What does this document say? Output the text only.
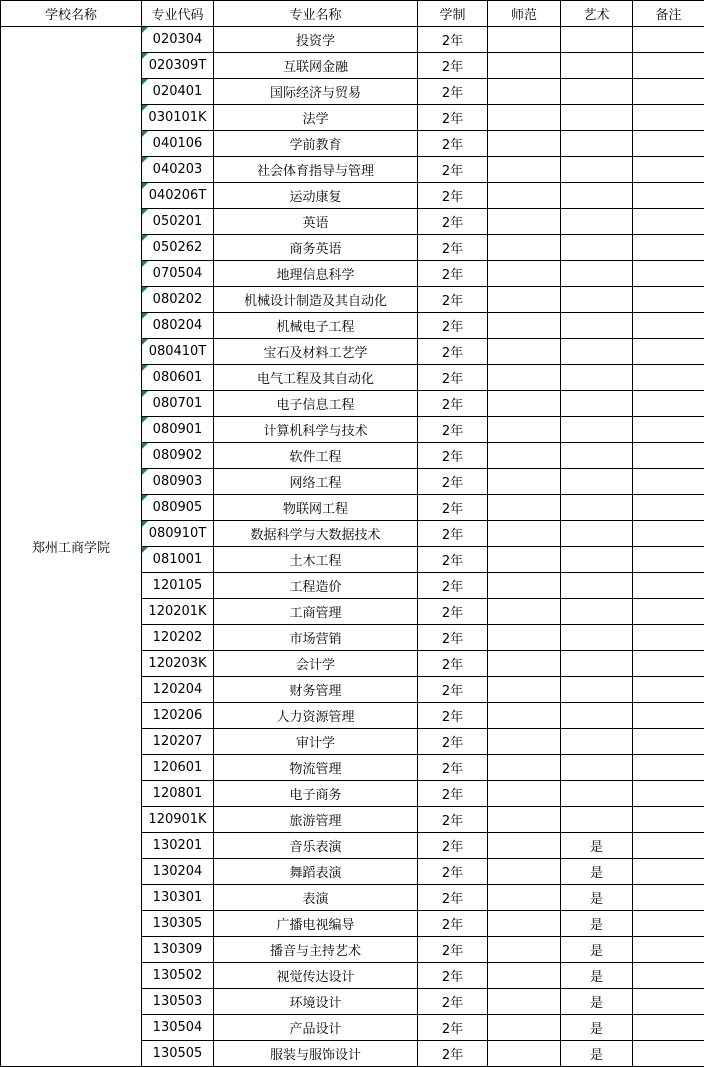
学校名称	专业代码	专业名称	学制	师范	艺术	备注
郑州工商学院	020304	投资学	2年			
	020309T	互联网金融	2年			
	020401	国际经济与贸易	2年			
	030101K	法学	2年			
	040106	学前教育	2年			
	040203	社会体育指导与管理	2年			
	040206T	运动康复	2年			
	050201	英语	2年			
	050262	商务英语	2年			
	070504	地理信息科学	2年			
	080202	机械设计制造及其自动化	2年			
	080204	机械电子工程	2年			
	080410T	宝石及材料工艺学	2年			
	080601	电气工程及其自动化	2年			
	080701	电子信息工程	2年			
	080901	计算机科学与技术	2年			
	080902	软件工程	2年			
	080903	网络工程	2年			
	080905	物联网工程	2年			
	080910T	数据科学与大数据技术	2年			
	081001	土木工程	2年			
	120105	工程造价	2年			
	120201K	工商管理	2年			
	120202	市场营销	2年			
	120203K	会计学	2年			
	120204	财务管理	2年			
	120206	人力资源管理	2年			
	120207	审计学	2年			
	120601	物流管理	2年			
	120801	电子商务	2年			
	120901K	旅游管理	2年			
	130201	音乐表演	2年		是	
	130204	舞蹈表演	2年		是	
	130301	表演	2年		是	
	130305	广播电视编导	2年		是	
	130309	播音与主持艺术	2年		是	
	130502	视觉传达设计	2年		是	
	130503	环境设计	2年		是	
	130504	产品设计	2年		是	
	130505	服装与服饰设计	2年		是	
